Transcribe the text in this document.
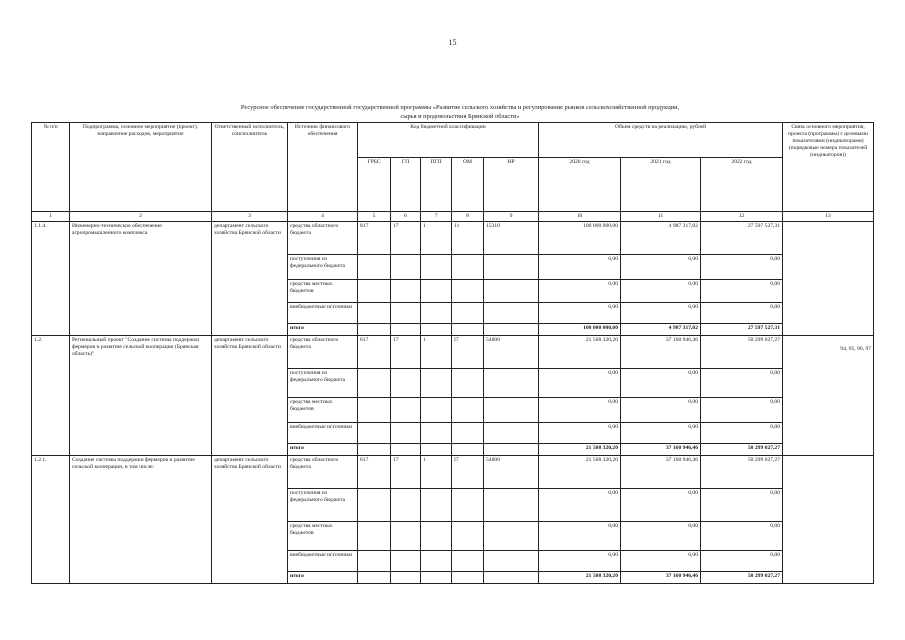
15
Ресурсное обеспечение государственной государственной программы «Развитие сельского хозяйства и регулирование рынков сельскохозяйственной продукции,
сырья и продовольствия Брянской области»
№ п/п	Подпрограмма, основное мероприятие (проект), направление расходов, мероприятие	Ответственный исполнитель, соисполнитель	Источник финансового обеспечения	Код бюджетной классификации					Объем средств на реализацию, рублей			Связь основного мероприятия, проекта (программы) с целевыми показателями (индикаторами) (порядковые номера показателей (индикаторов))
				ГРБС	ГП	ПГП	ОМ	НР	2020 год	2021 год	2022 год	
1	2	3	4	5	6	7	8	9	10	11	12	13
1.1.4.	Инженерно-техническое обеспечение агропромышленного комплекса	департамент сельского хозяйства Брянской области	средства областного бюджета	817	17	1	11	15310	100 000 000,00	4 987 317,02	27 597 527,31	
			поступления из федерального бюджета						0,00	0,00	0,00	
			средства местных бюджетов						0,00	0,00	0,00	
			внебюджетные источники						0,00	0,00	0,00	
			итого						100 000 000,00	4 987 317,02	27 597 527,31	
1.2.	Региональный проект "Создание системы поддержки фермеров и развитие сельской кооперации (Брянская область)"	департамент сельского хозяйства Брянской области	средства областного бюджета	817	17	1	I7	54800	21 508 320,20	37 160 946,46	50 299 027,27	94, 95, 96, 97
			поступления из федерального бюджета						0,00	0,00	0,00	
			средства местных бюджетов						0,00	0,00	0,00	
			внебюджетные источники						0,00	0,00	0,00	
			итого						21 508 320,20	37 160 946,46	50 299 027,27	
1.2.1.	Создание системы поддержки фермеров и развитие сельской кооперации, в том числе:	департамент сельского хозяйства Брянской области	средства областного бюджета	817	17	1	I7	54800	21 508 320,20	37 160 946,46	50 299 027,27	
			поступления из федерального бюджета						0,00	0,00	0,00	
			средства местных бюджетов						0,00	0,00	0,00	
			внебюджетные источники						0,00	0,00	0,00	
			итого						21 508 320,20	37 160 946,46	50 299 027,27	
